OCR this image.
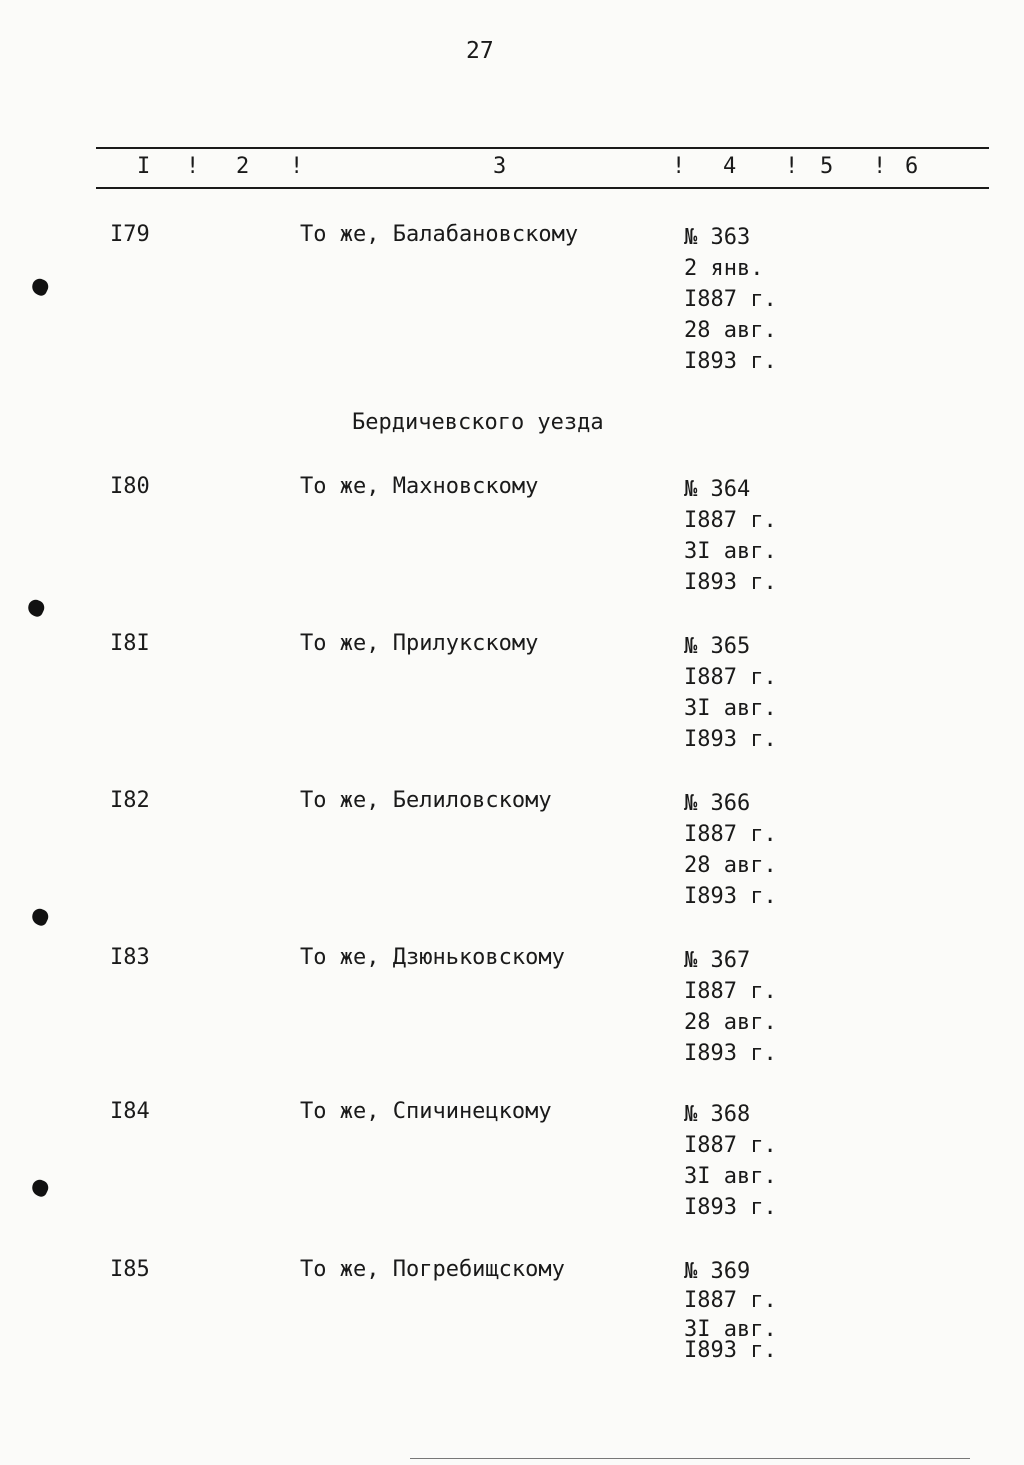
27
I ! 2 !	3	! 4 ! 5 ! 6
I79	То же, Балабановскому	№ 363
2 янв.
I887 г.
28 авг.
I893 г.
Бердичевского уезда
I80	То же, Махновскому	№ 364
I887 г.
3I авг.
I893 г.
I8I	То же, Прилукскому	№ 365
I887 г.
3I авг.
I893 г.
I82	То же, Белиловскому	№ 366
I887 г.
28 авг.
I893 г.
I83	То же, Дзюньковскому	№ 367
I887 г.
28 авг.
I893 г.
I84	То же, Спичинецкому	№ 368
I887 г.
3I авг.
I893 г.
I85	То же, Погребищскому	№ 369
I887 г.
3I авг.
I893 г.
